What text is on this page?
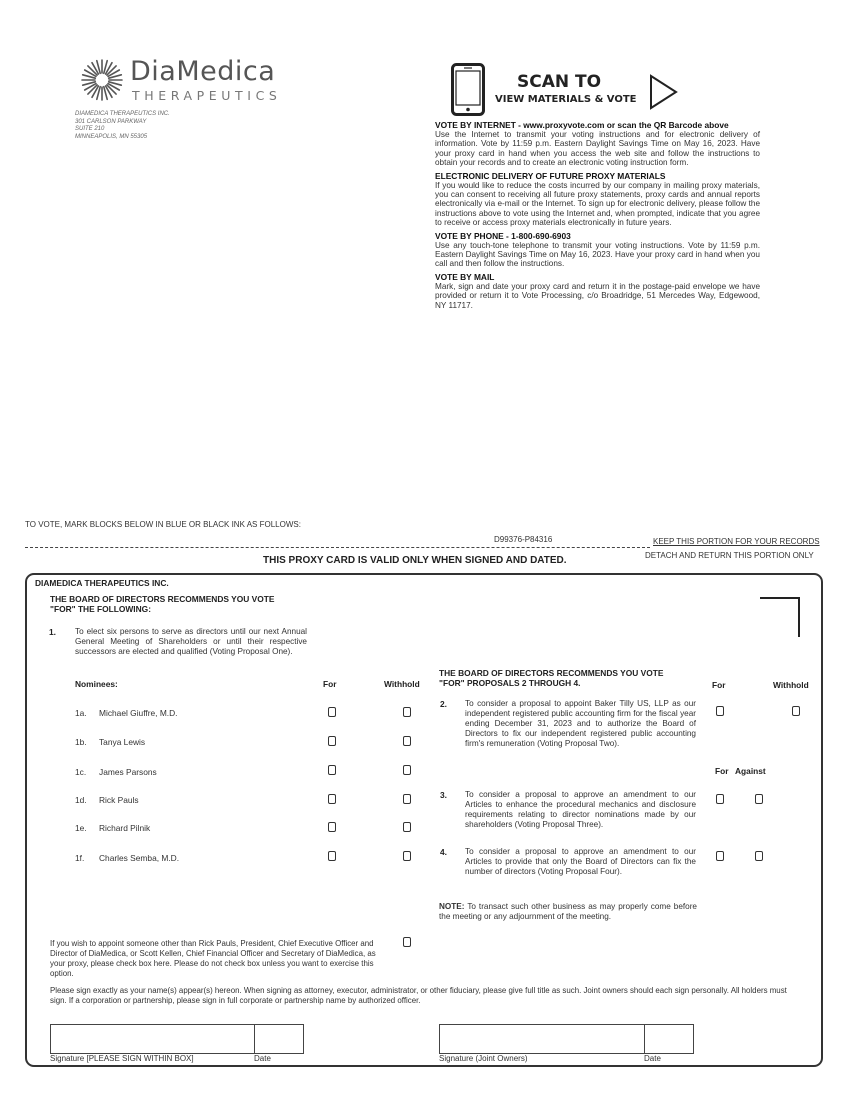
DiaMedica
THERAPEUTICS
DIAMEDICA THERAPEUTICS INC.
301 CARLSON PARKWAY
SUITE 210
MINNEAPOLIS, MN 55305
SCAN TO
VIEW MATERIALS & VOTE
VOTE BY INTERNET - www.proxyvote.com or scan the QR Barcode above
Use the Internet to transmit your voting instructions and for electronic delivery of information. Vote by 11:59 p.m. Eastern Daylight Savings Time on May 16, 2023. Have your proxy card in hand when you access the web site and follow the instructions to obtain your records and to create an electronic voting instruction form.
ELECTRONIC DELIVERY OF FUTURE PROXY MATERIALS
If you would like to reduce the costs incurred by our company in mailing proxy materials, you can consent to receiving all future proxy statements, proxy cards and annual reports electronically via e-mail or the Internet. To sign up for electronic delivery, please follow the instructions above to vote using the Internet and, when prompted, indicate that you agree to receive or access proxy materials electronically in future years.
VOTE BY PHONE - 1-800-690-6903
Use any touch-tone telephone to transmit your voting instructions. Vote by 11:59 p.m. Eastern Daylight Savings Time on May 16, 2023. Have your proxy card in hand when you call and then follow the instructions.
VOTE BY MAIL
Mark, sign and date your proxy card and return it in the postage-paid envelope we have provided or return it to Vote Processing, c/o Broadridge, 51 Mercedes Way, Edgewood, NY 11717.
TO VOTE, MARK BLOCKS BELOW IN BLUE OR BLACK INK AS FOLLOWS:
D99376-P84316	KEEP THIS PORTION FOR YOUR RECORDS
DETACH AND RETURN THIS PORTION ONLY
THIS PROXY CARD IS VALID ONLY WHEN SIGNED AND DATED.
DIAMEDICA THERAPEUTICS INC.
THE BOARD OF DIRECTORS RECOMMENDS YOU VOTE
"FOR" THE FOLLOWING:
1. To elect six persons to serve as directors until our next Annual General Meeting of Shareholders or until their respective successors are elected and qualified (Voting Proposal One).
Nominees:	For	Withhold
1a. Michael Giuffre, M.D.
1b. Tanya Lewis
1c. James Parsons
1d. Rick Pauls
1e. Richard Pilnik
1f. Charles Semba, M.D.
THE BOARD OF DIRECTORS RECOMMENDS YOU VOTE
"FOR" PROPOSALS 2 THROUGH 4.	For	Withhold
2. To consider a proposal to appoint Baker Tilly US, LLP as our independent registered public accounting firm for the fiscal year ending December 31, 2023 and to authorize the Board of Directors to fix our independent registered public accounting firm's remuneration (Voting Proposal Two).
For Against
3. To consider a proposal to approve an amendment to our Articles to enhance the procedural mechanics and disclosure requirements relating to director nominations made by our shareholders (Voting Proposal Three).
4. To consider a proposal to approve an amendment to our Articles to provide that only the Board of Directors can fix the number of directors (Voting Proposal Four).
NOTE: To transact such other business as may properly come before the meeting or any adjournment of the meeting.
If you wish to appoint someone other than Rick Pauls, President, Chief Executive Officer and Director of DiaMedica, or Scott Kellen, Chief Financial Officer and Secretary of DiaMedica, as your proxy, please check box here. Please do not check box unless you want to exercise this option.
Please sign exactly as your name(s) appear(s) hereon. When signing as attorney, executor, administrator, or other fiduciary, please give full title as such. Joint owners should each sign personally. All holders must sign. If a corporation or partnership, please sign in full corporate or partnership name by authorized officer.
Signature [PLEASE SIGN WITHIN BOX]	Date	Signature (Joint Owners)	Date
